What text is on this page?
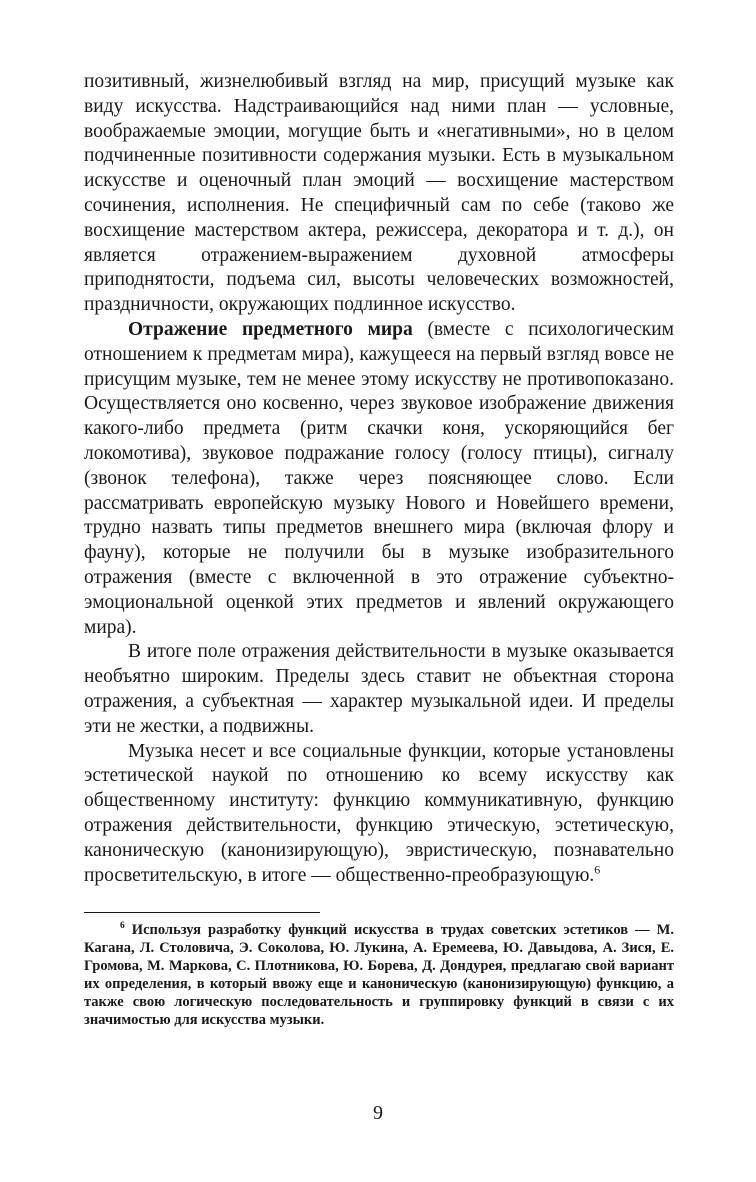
позитивный, жизнелюбивый взгляд на мир, присущий музыке как виду искусства. Надстраивающийся над ними план — условные, воображаемые эмоции, могущие быть и «негативными», но в целом подчиненные позитивности содержания музыки. Есть в музыкальном искусстве и оценочный план эмоций — восхищение мастерством сочинения, исполнения. Не специфичный сам по себе (таково же восхищение мастерством актера, режиссера, декоратора и т. д.), он является отражением-выражением духовной атмосферы приподнятости, подъема сил, высоты человеческих возможностей, праздничности, окружающих подлинное искусство.

Отражение предметного мира (вместе с психологическим отношением к предметам мира), кажущееся на первый взгляд вовсе не присущим музыке, тем не менее этому искусству не противопоказано. Осуществляется оно косвенно, через звуковое изображение движения какого-либо предмета (ритм скачки коня, ускоряющийся бег локомотива), звуковое подражание голосу (голосу птицы), сигналу (звонок телефона), также через поясняющее слово. Если рассматривать европейскую музыку Нового и Новейшего времени, трудно назвать типы предметов внешнего мира (включая флору и фауну), которые не получили бы в музыке изобразительного отражения (вместе с включенной в это отражение субъектно-эмоциональной оценкой этих предметов и явлений окружающего мира).

В итоге поле отражения действительности в музыке оказывается необъятно широким. Пределы здесь ставит не объектная сторона отражения, а субъектная — характер музыкальной идеи. И пределы эти не жестки, а подвижны.

Музыка несет и все социальные функции, которые установлены эстетической наукой по отношению ко всему искусству как общественному институту: функцию коммуникативную, функцию отражения действительности, функцию этическую, эстетическую, каноническую (канонизирующую), эвристическую, познавательно просветительскую, в итоге — общественно-преобразующую.$^6$

$^6$ Используя разработку функций искусства в трудах советских эстетиков — М. Кагана, Л. Столовича, Э. Соколова, Ю. Лукина, А. Еремеева, Ю. Давыдова, А. Зися, Е. Громова, М. Маркова, С. Плотникова, Ю. Борева, Д. Дондурея, предлагаю свой вариант их определения, в который ввожу еще и каноническую (канонизирующую) функцию, а также свою логическую последовательность и группировку функций в связи с их значимостью для искусства музыки.

9
